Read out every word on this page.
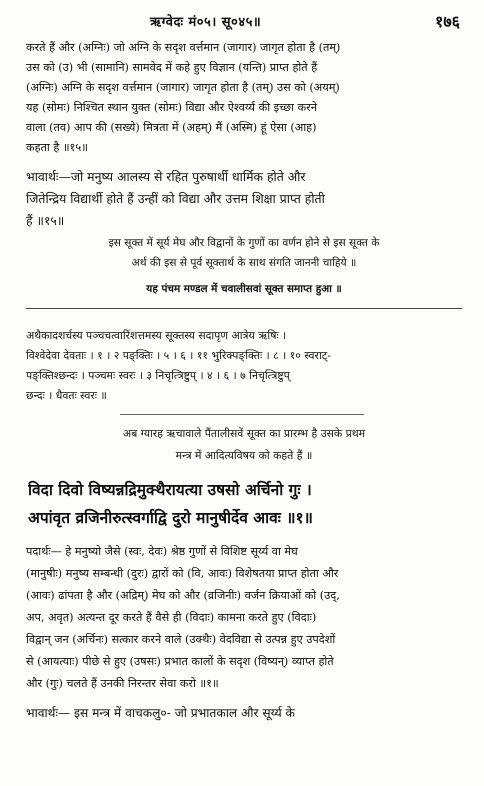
ऋग्वेदः मं०५। सू०४५॥	१७६
करते हैं और (अग्निः) जो अग्नि के सदृश वर्त्तमान (जागार) जागृत होता है (तम्)
उस को (उ) भी (सामानि) सामवेद में कहे हुए विज्ञान (यन्ति) प्राप्त होते हैं
(अग्निः) अग्नि के सदृश वर्त्तमान (जागार) जागृत होता है (तम्) उस को (अयम्)
यह (सोमः) निश्चित स्थान युक्त (सोमः) विद्या और ऐश्वर्य्य की इच्छा करने
वाला (तव) आप की (सख्ये) मित्रता में (अहम्) मैं (अस्मि) हूं ऐसा (आह)
कहता है ॥१५॥
भावार्थः—जो मनुष्य आलस्य से रहित पुरुषार्थी धार्मिक होते और
जितेन्द्रिय विद्यार्थी होते हैं उन्हीं को विद्या और उत्तम शिक्षा प्राप्त होती
हैं ॥१५॥
इस सूक्त में सूर्य मेघ और विद्वानों के गुणों का वर्णन होने से इस सूक्त के
अर्थ की इस से पूर्व सूक्तार्थ के साथ संगति जाननी चाहिये ॥
यह पंचम मण्डल में चवालीसवां सूक्त समाप्त हुआ ॥
अथैकादशर्चस्य पञ्चचत्वारिंशत्तमस्य सूक्तस्य सदापृण आत्रेय ऋषिः ।
विश्वेदेवा देवताः । १ । २ पङ्क्तिः । ५ । ६ । ११ भुरिक्पङ्क्तिः । ८ । १० स्वराट्-
पङ्क्तिश्छन्दः । पञ्चमः स्वरः । ३ निचृत्त्रिष्टुप् । ४ । ६ । ७ निचृत्त्रिष्टुप्
छन्दः । धैवतः स्वरः ॥
अब ग्यारह ऋचावाले पैंतालीसवें सूक्त का प्रारम्भ है उसके प्रथम
मन्त्र में आदित्यविषय को कहते हैं ॥
विदा दिवो विष्यन्नद्रिमुक्थैरायत्या उषसो अर्चिनो गुः ।
अपांवृत व्रजिनीरुत्स्वर्गाद्वि दुरो मानुषीर्देव आवः ॥१॥
पदार्थः— हे मनुष्यो जैसे (स्वः, देवः) श्रेष्ठ गुणों से विशिष्ट सूर्य्य वा मेघ
(मानुषीः) मनुष्य सम्बन्धी (दुरः) द्वारों को (वि, आवः) विशेषतया प्राप्त होता और
(आवः) ढांपता है और (अद्रिम्) मेघ को और (व्रजिनीः) वर्जन क्रियाओं को (उद्,
अप, अवृत) अत्यन्त दूर करते हैं वैसे ही (विदाः) कामना करते हुए (विदाः)
विद्वान् जन (अर्चिनः) सत्कार करने वाले (उक्थैः) वेदविद्या से उत्पन्न हुए उपदेशों
से (आयत्याः) पीछे से हुए (उषसः) प्रभात कालों के सदृश (विष्यन्) व्याप्त होते
और (गुः) चलते हैं उनकी निरन्तर सेवा करो ॥१॥
भावार्थः— इस मन्त्र में वाचकलु०- जो प्रभातकाल और सूर्य्य के
